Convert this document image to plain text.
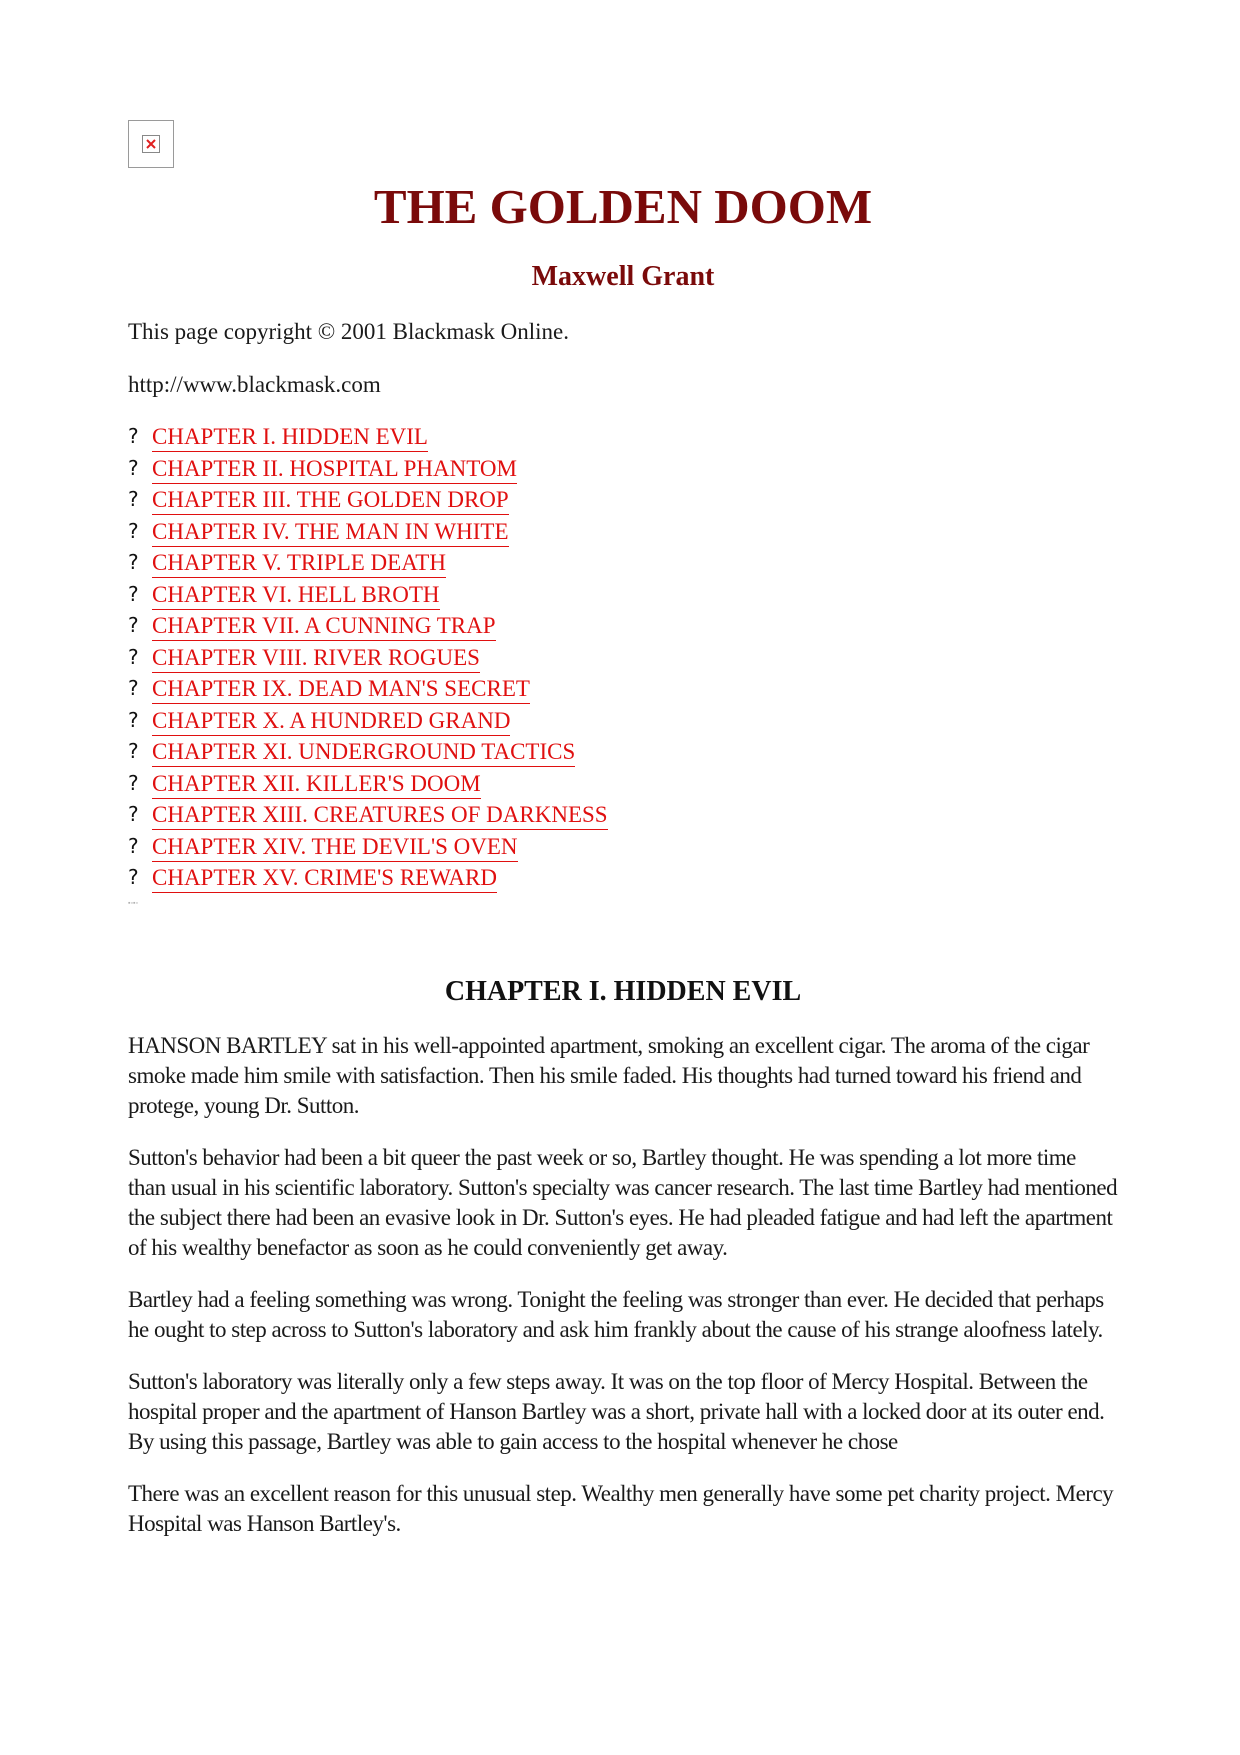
THE GOLDEN DOOM
Maxwell Grant

This page copyright © 2001 Blackmask Online.

http://www.blackmask.com

? CHAPTER I. HIDDEN EVIL
? CHAPTER II. HOSPITAL PHANTOM
? CHAPTER III. THE GOLDEN DROP
? CHAPTER IV. THE MAN IN WHITE
? CHAPTER V. TRIPLE DEATH
? CHAPTER VI. HELL BROTH
? CHAPTER VII. A CUNNING TRAP
? CHAPTER VIII. RIVER ROGUES
? CHAPTER IX. DEAD MAN'S SECRET
? CHAPTER X. A HUNDRED GRAND
? CHAPTER XI. UNDERGROUND TACTICS
? CHAPTER XII. KILLER'S DOOM
? CHAPTER XIII. CREATURES OF DARKNESS
? CHAPTER XIV. THE DEVIL'S OVEN
? CHAPTER XV. CRIME'S REWARD
▪▫▪▫
CHAPTER I. HIDDEN EVIL

HANSON BARTLEY sat in his well-appointed apartment, smoking an excellent cigar. The aroma of the cigar smoke made him smile with satisfaction. Then his smile faded. His thoughts had turned toward his friend and protege, young Dr. Sutton.

Sutton's behavior had been a bit queer the past week or so, Bartley thought. He was spending a lot more time than usual in his scientific laboratory. Sutton's specialty was cancer research. The last time Bartley had mentioned the subject there had been an evasive look in Dr. Sutton's eyes. He had pleaded fatigue and had left the apartment of his wealthy benefactor as soon as he could conveniently get away.

Bartley had a feeling something was wrong. Tonight the feeling was stronger than ever. He decided that perhaps he ought to step across to Sutton's laboratory and ask him frankly about the cause of his strange aloofness lately.

Sutton's laboratory was literally only a few steps away. It was on the top floor of Mercy Hospital. Between the hospital proper and the apartment of Hanson Bartley was a short, private hall with a locked door at its outer end. By using this passage, Bartley was able to gain access to the hospital whenever he chose

There was an excellent reason for this unusual step. Wealthy men generally have some pet charity project. Mercy Hospital was Hanson Bartley's.
